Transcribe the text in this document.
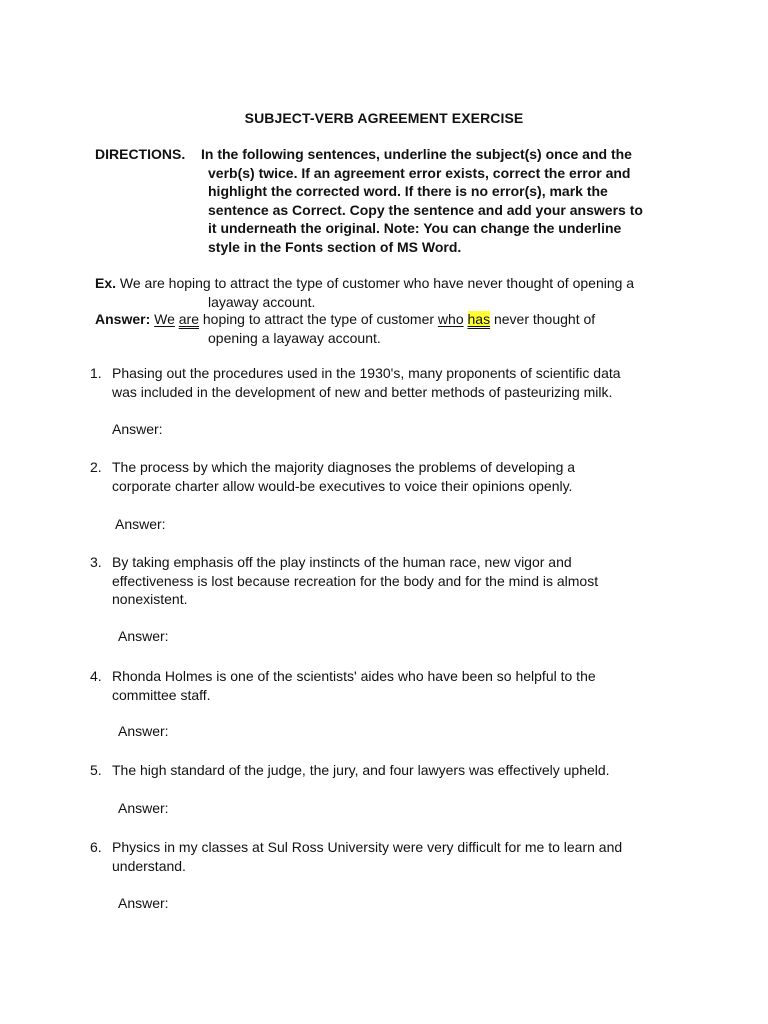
SUBJECT-VERB AGREEMENT EXERCISE
DIRECTIONS. In the following sentences, underline the subject(s) once and the
verb(s) twice. If an agreement error exists, correct the error and
highlight the corrected word. If there is no error(s), mark the
sentence as Correct. Copy the sentence and add your answers to
it underneath the original. Note: You can change the underline
style in the Fonts section of MS Word.
Ex. We are hoping to attract the type of customer who have never thought of opening a
layaway account.
Answer: We are hoping to attract the type of customer who has never thought of
opening a layaway account.
1. Phasing out the procedures used in the 1930's, many proponents of scientific data
was included in the development of new and better methods of pasteurizing milk.
Answer:
2. The process by which the majority diagnoses the problems of developing a
corporate charter allow would-be executives to voice their opinions openly.
Answer:
3. By taking emphasis off the play instincts of the human race, new vigor and
effectiveness is lost because recreation for the body and for the mind is almost
nonexistent.
Answer:
4. Rhonda Holmes is one of the scientists' aides who have been so helpful to the
committee staff.
Answer:
5. The high standard of the judge, the jury, and four lawyers was effectively upheld.
Answer:
6. Physics in my classes at Sul Ross University were very difficult for me to learn and
understand.
Answer:
